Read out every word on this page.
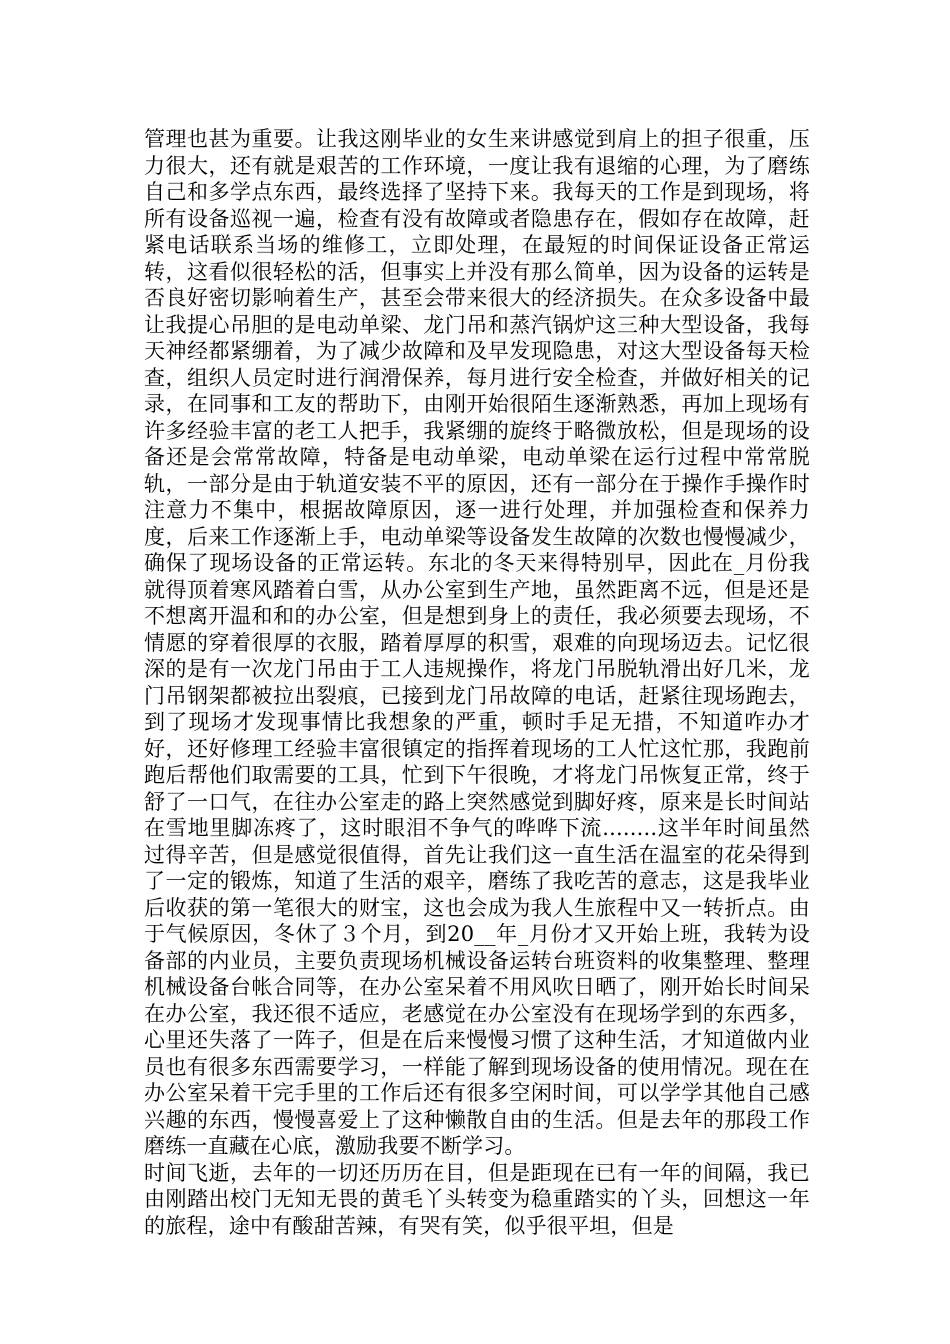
管理也甚为重要。让我这刚毕业的女生来讲感觉到肩上的担子很重，压力很大，还有就是艰苦的工作环境，一度让我有退缩的心理，为了磨练自己和多学点东西，最终选择了坚持下来。我每天的工作是到现场，将所有设备巡视一遍，检查有没有故障或者隐患存在，假如存在故障，赶紧电话联系当场的维修工，立即处理，在最短的时间保证设备正常运转，这看似很轻松的活，但事实上并没有那么简单，因为设备的运转是否良好密切影响着生产，甚至会带来很大的经济损失。在众多设备中最让我提心吊胆的是电动单梁、龙门吊和蒸汽锅炉这三种大型设备，我每天神经都紧绷着，为了减少故障和及早发现隐患，对这大型设备每天检查，组织人员定时进行润滑保养，每月进行安全检查，并做好相关的记录，在同事和工友的帮助下，由刚开始很陌生逐渐熟悉，再加上现场有许多经验丰富的老工人把手，我紧绷的旋终于略微放松，但是现场的设备还是会常常故障，特备是电动单梁，电动单梁在运行过程中常常脱轨，一部分是由于轨道安装不平的原因，还有一部分在于操作手操作时注意力不集中，根据故障原因，逐一进行处理，并加强检查和保养力度，后来工作逐渐上手，电动单梁等设备发生故障的次数也慢慢减少，确保了现场设备的正常运转。东北的冬天来得特别早，因此在_月份我就得顶着寒风踏着白雪，从办公室到生产地，虽然距离不远，但是还是不想离开温和和的办公室，但是想到身上的责任，我必须要去现场，不情愿的穿着很厚的衣服，踏着厚厚的积雪，艰难的向现场迈去。记忆很深的是有一次龙门吊由于工人违规操作，将龙门吊脱轨滑出好几米，龙门吊钢架都被拉出裂痕，已接到龙门吊故障的电话，赶紧往现场跑去，到了现场才发现事情比我想象的严重，顿时手足无措，不知道咋办才好，还好修理工经验丰富很镇定的指挥着现场的工人忙这忙那，我跑前跑后帮他们取需要的工具，忙到下午很晚，才将龙门吊恢复正常，终于舒了一口气，在往办公室走的路上突然感觉到脚好疼，原来是长时间站在雪地里脚冻疼了，这时眼泪不争气的哗哗下流........这半年时间虽然过得辛苦，但是感觉很值得，首先让我们这一直生活在温室的花朵得到了一定的锻炼，知道了生活的艰辛，磨练了我吃苦的意志，这是我毕业后收获的第一笔很大的财宝，这也会成为我人生旅程中又一转折点。由于气候原因，冬休了３个月，到20__年_月份才又开始上班，我转为设备部的内业员，主要负责现场机械设备运转台班资料的收集整理、整理机械设备台帐合同等，在办公室呆着不用风吹日晒了，刚开始长时间呆在办公室，我还很不适应，老感觉在办公室没有在现场学到的东西多，心里还失落了一阵子，但是在后来慢慢习惯了这种生活，才知道做内业员也有很多东西需要学习，一样能了解到现场设备的使用情况。现在在办公室呆着干完手里的工作后还有很多空闲时间，可以学学其他自己感兴趣的东西，慢慢喜爱上了这种懒散自由的生活。但是去年的那段工作磨练一直藏在心底，激励我要不断学习。

时间飞逝，去年的一切还历历在目，但是距现在已有一年的间隔，我已由刚踏出校门无知无畏的黄毛丫头转变为稳重踏实的丫头，回想这一年的旅程，途中有酸甜苦辣，有哭有笑，似乎很平坦，但是
